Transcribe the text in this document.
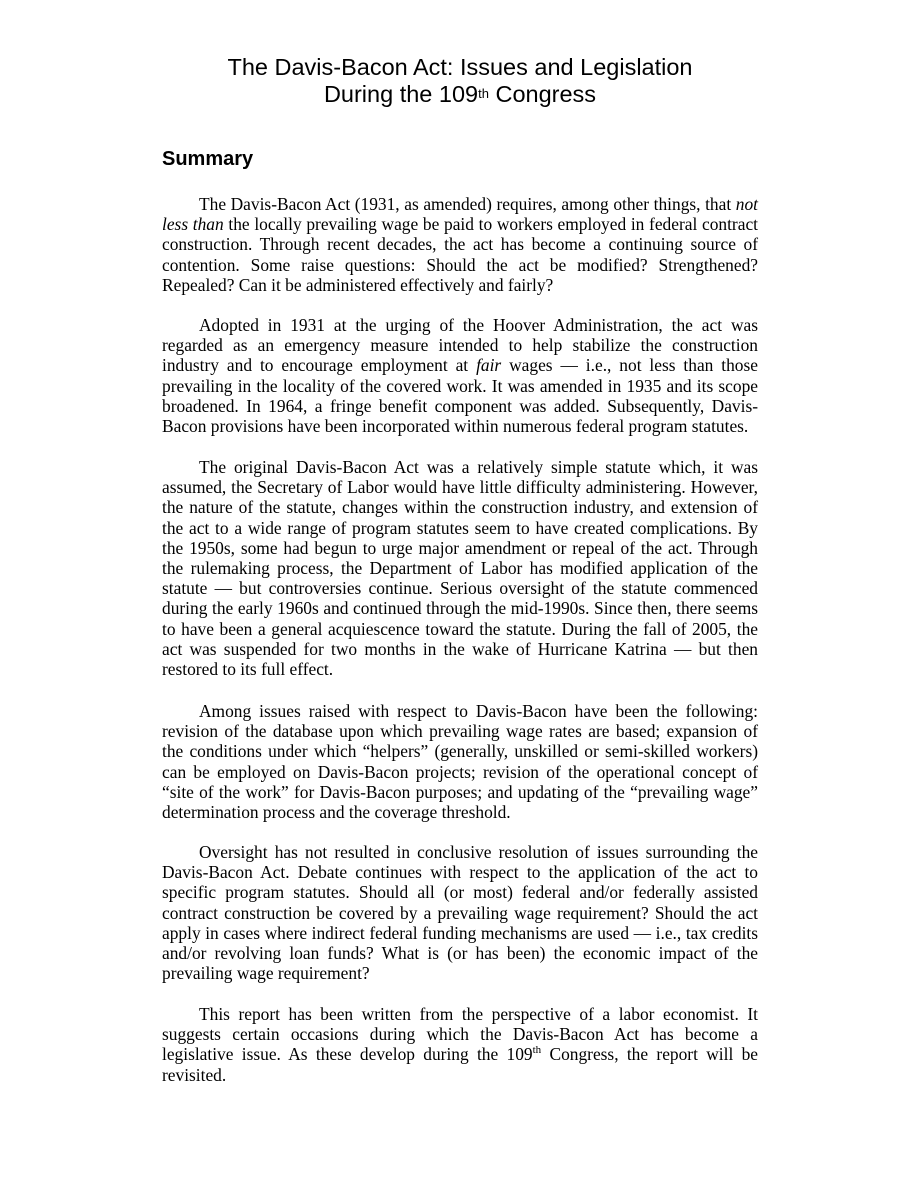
The Davis-Bacon Act: Issues and Legislation
During the 109th Congress
Summary

The Davis-Bacon Act (1931, as amended) requires, among other things, that not less than the locally prevailing wage be paid to workers employed in federal contract construction. Through recent decades, the act has become a continuing source of contention. Some raise questions: Should the act be modified? Strengthened? Repealed? Can it be administered effectively and fairly?

Adopted in 1931 at the urging of the Hoover Administration, the act was regarded as an emergency measure intended to help stabilize the construction industry and to encourage employment at fair wages — i.e., not less than those prevailing in the locality of the covered work. It was amended in 1935 and its scope broadened. In 1964, a fringe benefit component was added. Subsequently, Davis-Bacon provisions have been incorporated within numerous federal program statutes.

The original Davis-Bacon Act was a relatively simple statute which, it was assumed, the Secretary of Labor would have little difficulty administering. However, the nature of the statute, changes within the construction industry, and extension of the act to a wide range of program statutes seem to have created complications. By the 1950s, some had begun to urge major amendment or repeal of the act. Through the rulemaking process, the Department of Labor has modified application of the statute — but controversies continue. Serious oversight of the statute commenced during the early 1960s and continued through the mid-1990s. Since then, there seems to have been a general acquiescence toward the statute. During the fall of 2005, the act was suspended for two months in the wake of Hurricane Katrina — but then restored to its full effect.

Among issues raised with respect to Davis-Bacon have been the following: revision of the database upon which prevailing wage rates are based; expansion of the conditions under which “helpers” (generally, unskilled or semi-skilled workers) can be employed on Davis-Bacon projects; revision of the operational concept of “site of the work” for Davis-Bacon purposes; and updating of the “prevailing wage” determination process and the coverage threshold.

Oversight has not resulted in conclusive resolution of issues surrounding the Davis-Bacon Act. Debate continues with respect to the application of the act to specific program statutes. Should all (or most) federal and/or federally assisted contract construction be covered by a prevailing wage requirement? Should the act apply in cases where indirect federal funding mechanisms are used — i.e., tax credits and/or revolving loan funds? What is (or has been) the economic impact of the prevailing wage requirement?

This report has been written from the perspective of a labor economist. It suggests certain occasions during which the Davis-Bacon Act has become a legislative issue. As these develop during the 109th Congress, the report will be revisited.
